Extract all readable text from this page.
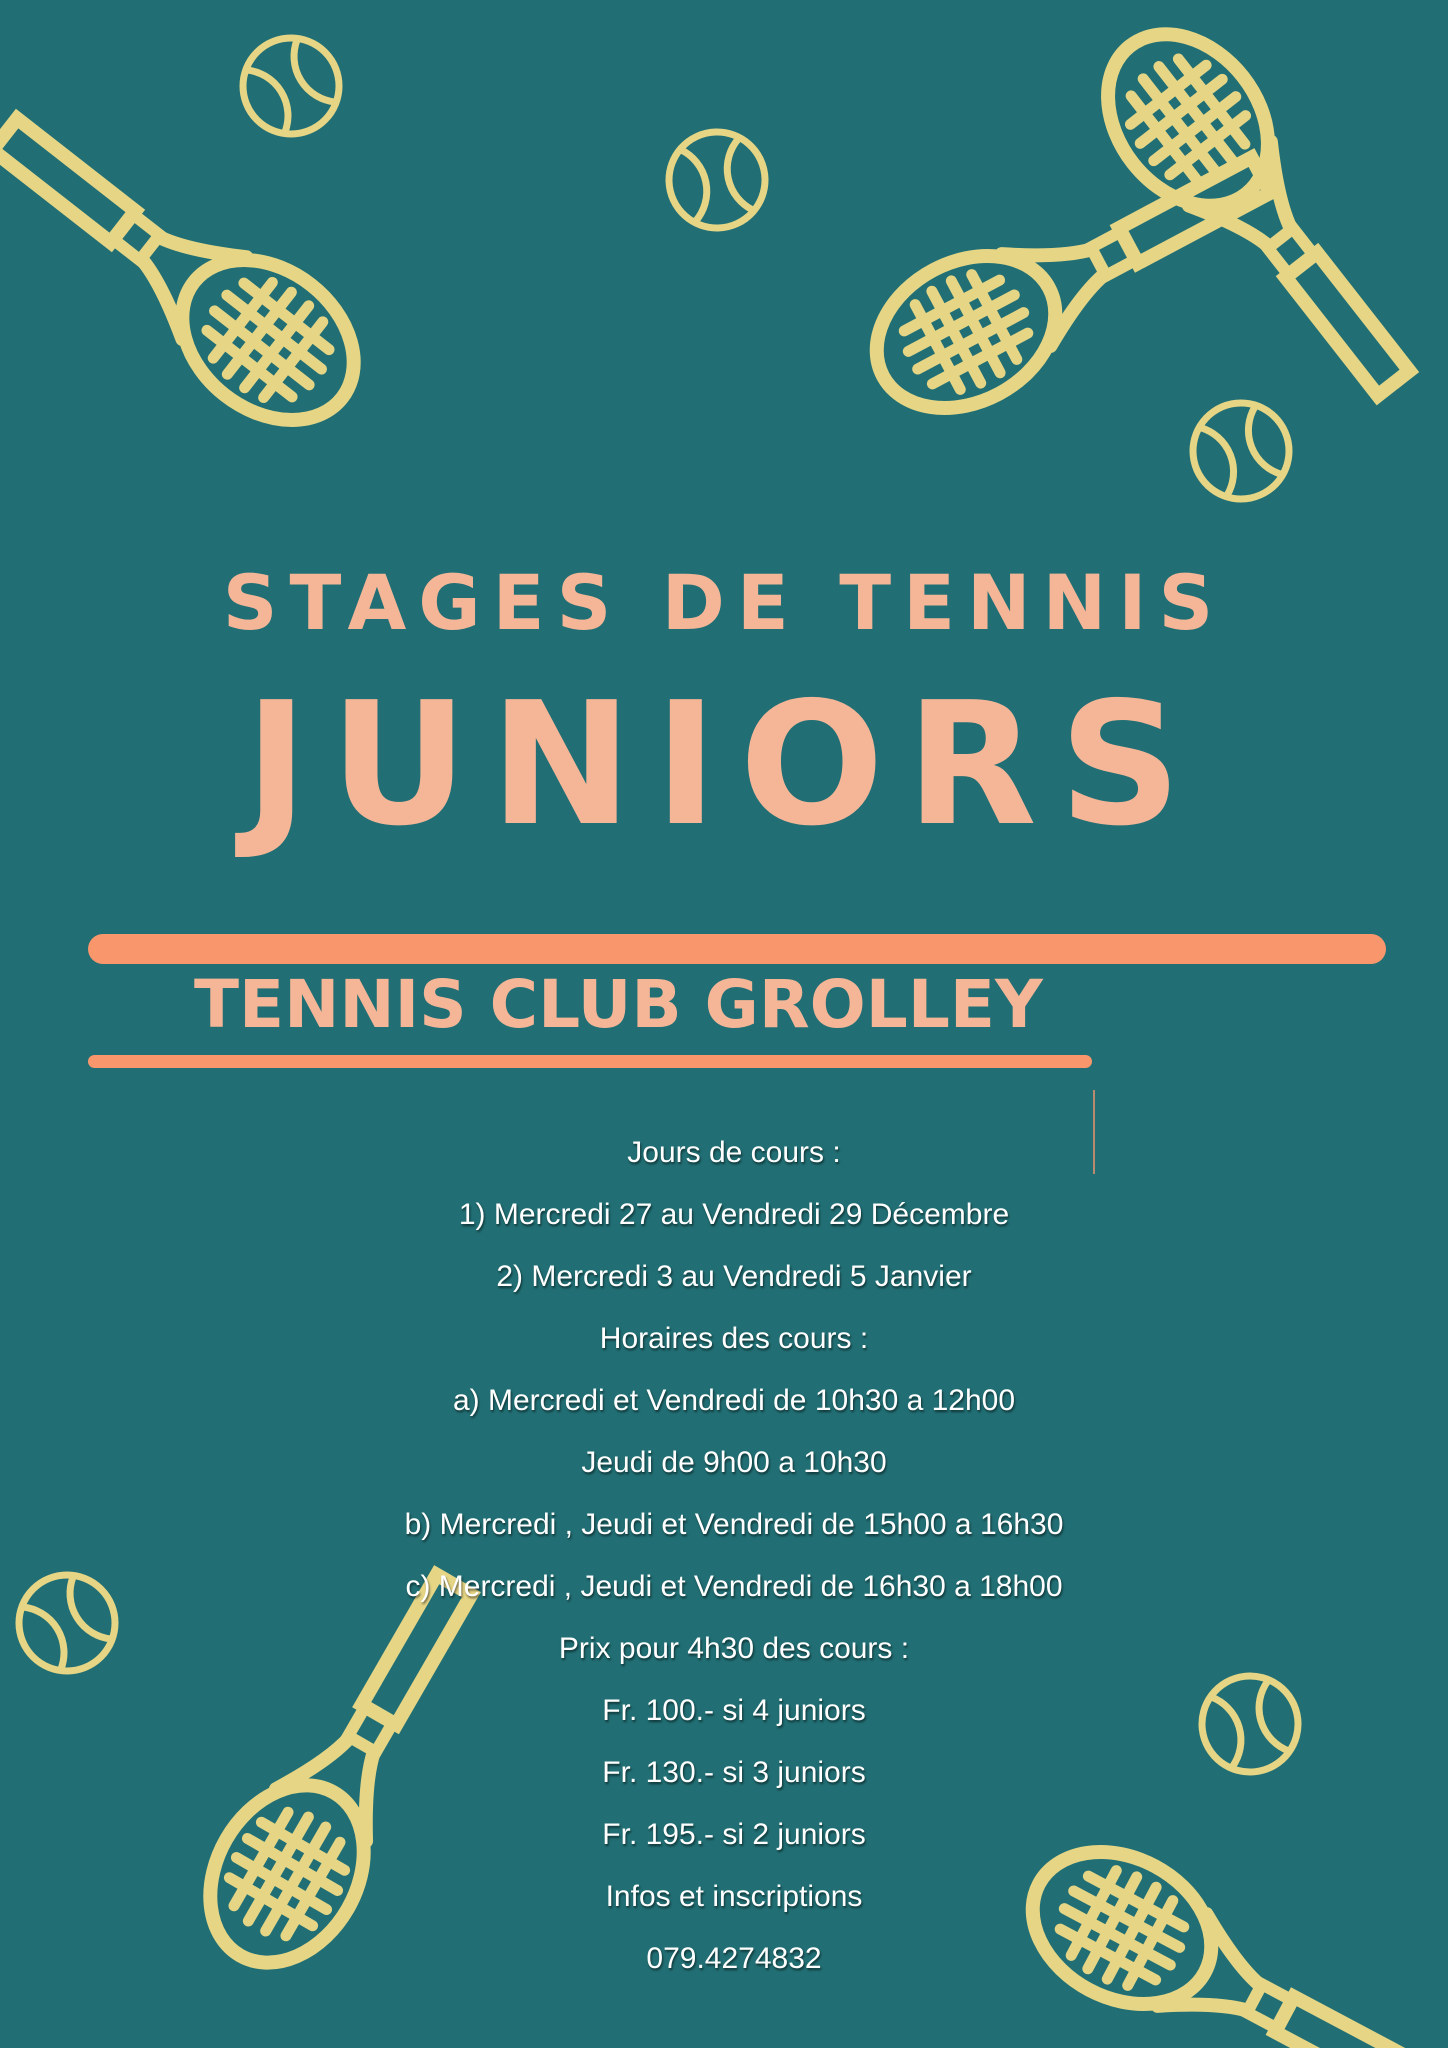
STAGES DE TENNIS
JUNIORS
TENNIS CLUB GROLLEY
Jours de cours :
1) Mercredi 27 au Vendredi 29 Décembre
2) Mercredi 3 au Vendredi 5 Janvier
Horaires des cours :
a) Mercredi et Vendredi de 10h30 a 12h00
Jeudi de 9h00 a 10h30
b) Mercredi , Jeudi et Vendredi de 15h00 a 16h30
c) Mercredi , Jeudi et Vendredi de 16h30 a 18h00
Prix pour 4h30 des cours :
Fr. 100.- si 4 juniors
Fr. 130.- si 3 juniors
Fr. 195.- si 2 juniors
Infos et inscriptions
079.4274832
